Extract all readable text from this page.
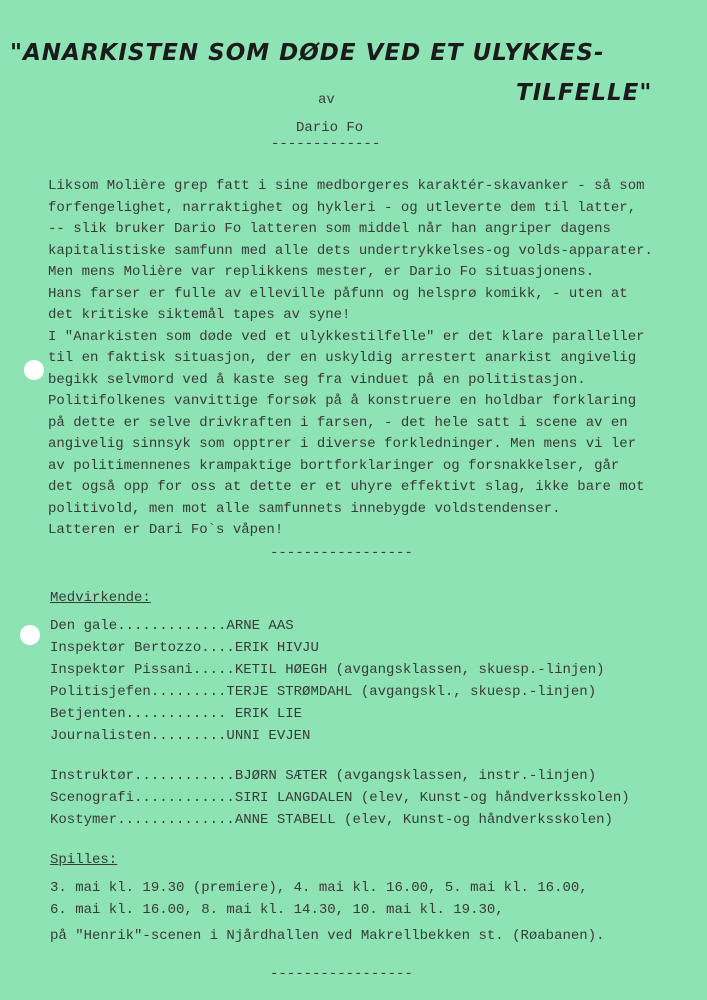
"ANARKISTEN SOM DØDE VED ET ULYKKES-
TILFELLE"
av
Dario Fo
-------------
Liksom Molière grep fatt i sine medborgeres karaktér-skavanker - så som
forfengelighet, narraktighet og hykleri - og utleverte dem til latter,
-- slik bruker Dario Fo latteren som middel når han angriper dagens
kapitalistiske samfunn med alle dets undertrykkelses-og volds-apparater.
Men mens Molière var replikkens mester, er Dario Fo situasjonens.
Hans farser er fulle av elleville påfunn og helsprø komikk, - uten at
det kritiske siktemål tapes av syne!
I "Anarkisten som døde ved et ulykkestilfelle" er det klare paralleller
til en faktisk situasjon, der en uskyldig arrestert anarkist angivelig
begikk selvmord ved å kaste seg fra vinduet på en politistasjon.
Politifolkenes vanvittige forsøk på å konstruere en holdbar forklaring
på dette er selve drivkraften i farsen, - det hele satt i scene av en
angivelig sinnsyk som opptrer i diverse forkledninger. Men mens vi ler
av politimennenes krampaktige bortforklaringer og forsnakkelser, går
det også opp for oss at dette er et uhyre effektivt slag, ikke bare mot
politivold, men mot alle samfunnets innebygde voldstendenser.
Latteren er Dari Fo`s våpen!
-----------------
Medvirkende:
Den gale.............ARNE AAS
Inspektør Bertozzo....ERIK HIVJU
Inspektør Pissani.....KETIL HØEGH (avgangsklassen, skuesp.-linjen)
Politisjefen.........TERJE STRØMDAHL (avgangskl., skuesp.-linjen)
Betjenten............ ERIK LIE
Journalisten.........UNNI EVJEN
Instruktør............BJØRN SÆTER (avgangsklassen, instr.-linjen)
Scenografi............SIRI LANGDALEN (elev, Kunst-og håndverksskolen)
Kostymer..............ANNE STABELL (elev, Kunst-og håndverksskolen)
Spilles:
3. mai kl. 19.30 (premiere), 4. mai kl. 16.00, 5. mai kl. 16.00,
6. mai kl. 16.00, 8. mai kl. 14.30, 10. mai kl. 19.30,
på "Henrik"-scenen i Njårdhallen ved Makrellbekken st. (Røabanen).
-----------------
